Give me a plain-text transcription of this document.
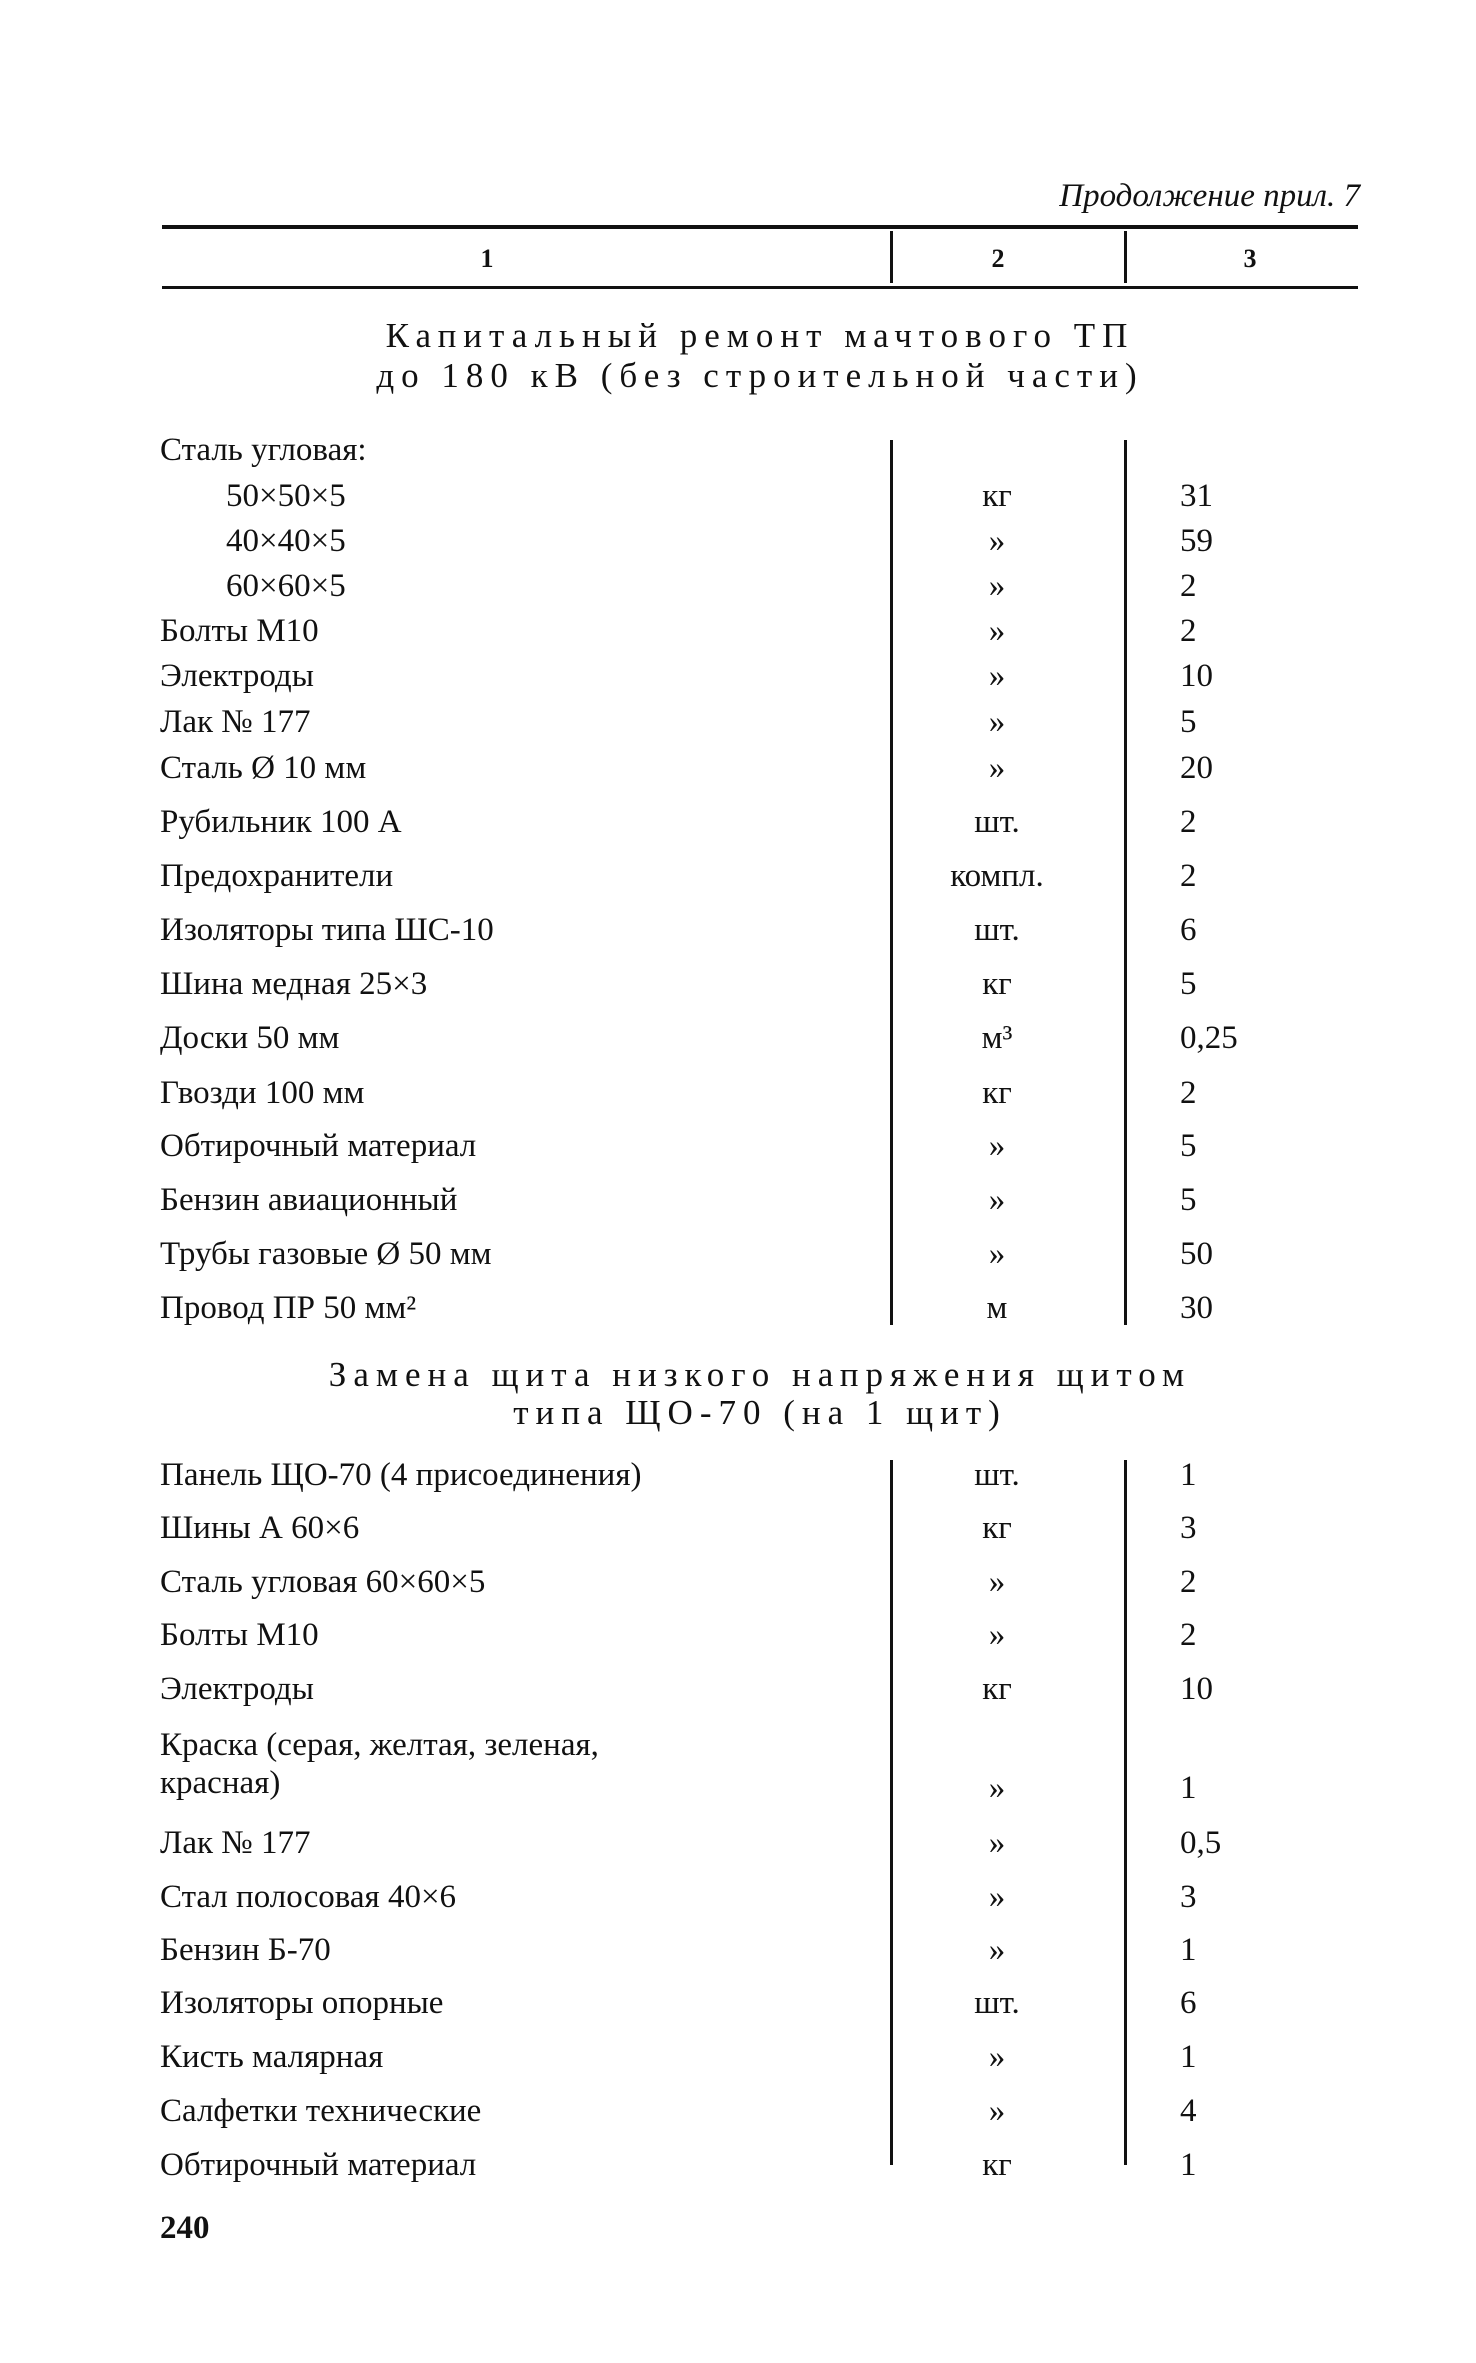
Продолжение прил. 7
1	2	3
Капитальный ремонт мачтового ТП
до 180 кВ (без строительной части)
Сталь угловая:
50×50×5	кг	31
40×40×5	»	59
60×60×5	»	2
Болты М10	»	2
Электроды	»	10
Лак № 177	»	5
Сталь Ø 10 мм	»	20
Рубильник 100 А	шт.	2
Предохранители	компл.	2
Изоляторы типа ШС-10	шт.	6
Шина медная 25×3	кг	5
Доски 50 мм	м³	0,25
Гвозди 100 мм	кг	2
Обтирочный материал	»	5
Бензин авиационный	»	5
Трубы газовые Ø 50 мм	»	50
Провод ПР 50 мм²	м	30
Замена щита низкого напряжения щитом
типа ЩО-70 (на 1 щит)
Панель ЩО-70 (4 присоединения)	шт.	1
Шины А 60×6	кг	3
Сталь угловая 60×60×5	»	2
Болты М10	»	2
Электроды	кг	10
Краска (серая, желтая, зеленая, красная)	»	1
Лак № 177	»	0,5
Стал полосовая 40×6	»	3
Бензин Б-70	»	1
Изоляторы опорные	шт.	6
Кисть малярная	»	1
Салфетки технические	»	4
Обтирочный материал	кг	1
240
